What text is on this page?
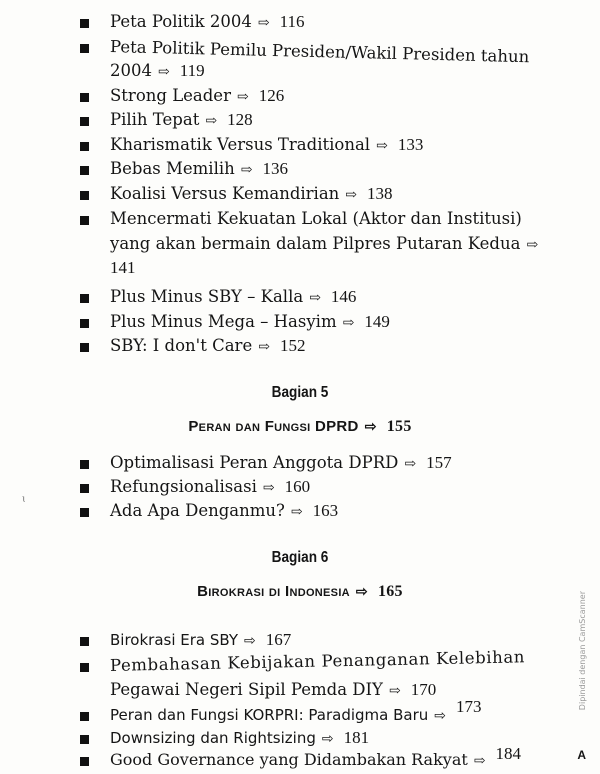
Peta Politik 2004 ⇨ 116
Peta Politik Pemilu Presiden/Wakil Presiden tahun
2004 ⇨ 119
Strong Leader ⇨ 126
Pilih Tepat ⇨ 128
Kharismatik Versus Traditional ⇨ 133
Bebas Memilih ⇨ 136
Koalisi Versus Kemandirian ⇨ 138
Mencermati Kekuatan Lokal (Aktor dan Institusi)
yang akan bermain dalam Pilpres Putaran Kedua ⇨
141
Plus Minus SBY – Kalla ⇨ 146
Plus Minus Mega – Hasyim ⇨ 149
SBY: I don't Care ⇨ 152
Bagian 5
Peran dan Fungsi DPRD ⇨ 155
Optimalisasi Peran Anggota DPRD ⇨ 157
Refungsionalisasi ⇨ 160
Ada Apa Denganmu? ⇨ 163
Bagian 6
Birokrasi di Indonesia ⇨ 165
Birokrasi Era SBY ⇨ 167
Pembahasan Kebijakan Penanganan Kelebihan
Pegawai Negeri Sipil Pemda DIY ⇨ 170
Peran dan Fungsi KORPRI: Paradigma Baru ⇨ 173
Downsizing dan Rightsizing ⇨ 181
Good Governance yang Didambakan Rakyat ⇨ 184
ɩ
Dipindai dengan CamScanner
A
